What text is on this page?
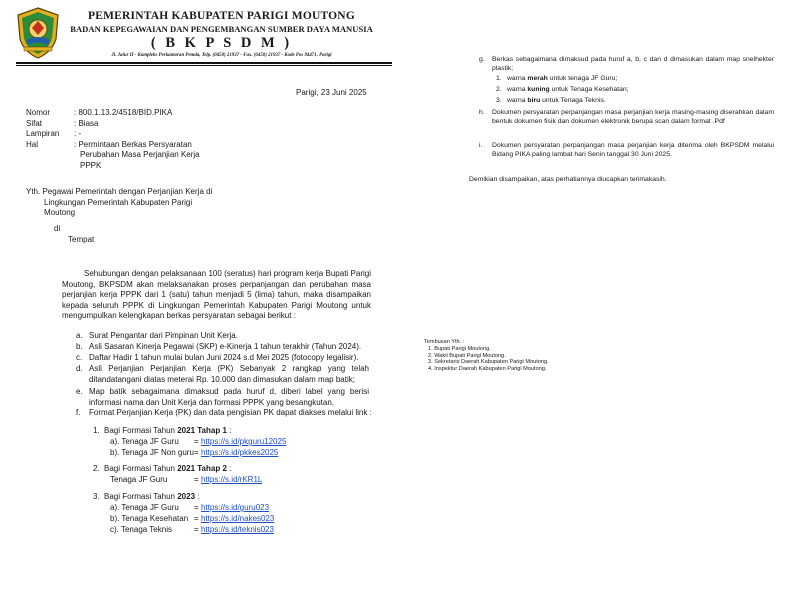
PEMERINTAH KABUPATEN PARIGI MOUTONG
BADAN KEPEGAWAIAN DAN PENGEMBANGAN SUMBER DAYA MANUSIA
( B K P S D M )
Jl. Jalur II - Kompleks Perkantoran Pemda, Telp. (0450) 21937 - Fax. (0450) 21937 - Kode Pos 94471, Parigi
Parigi, 23 Juni 2025
Nomor	: 800.1.13.2/4518/BID.PIKA
Sifat	: Biasa
Lampiran : -
Hal	: Permintaan Berkas Persyaratan
Perubahan Masa Perjanjian Kerja
PPPK
Yth. Pegawai Pemerintah dengan Perjanjian Kerja di
Lingkungan Pemerintah Kabupaten Parigi
Moutong
di
Tempat
Sehubungan dengan pelaksanaan 100 (seratus) hari program kerja Bupati Parigi Moutong, BKPSDM akan melaksanakan proses perpanjangan dan perubahan masa perjanjian kerja PPPK dari 1 (satu) tahun menjadi 5 (lima) tahun, maka disampaikan kepada seluruh PPPK di Lingkungan Pemerintah Kabupaten Parigi Moutong untuk mengumpulkan kelengkapan berkas persyaratan sebagai berikut :
a. Surat Pengantar dari Pimpinan Unit Kerja.
b. Asli Sasaran Kinerja Pegawai (SKP) e-Kinerja 1 tahun terakhir (Tahun 2024).
c. Daftar Hadir 1 tahun mulai bulan Juni 2024 s.d Mei 2025 (fotocopy legalisir).
d. Asli Perjanjian Perjanjian Kerja (PK) Sebanyak 2 rangkap yang telah ditandatangani diatas meterai Rp. 10.000 dan dimasukan dalam map batik;
e. Map batik sebagaimana dimaksud pada huruf d, diberi label yang berisi informasi nama dan Unit Kerja dan formasi PPPK yang besangkutan.
f. Format Perjanjian Kerja (PK) dan data pengisian PK dapat diakses melalui link :
1. Bagi Formasi Tahun 2021 Tahap 1 :
a). Tenaga JF Guru = https://s.id/pkguru12025
b). Tenaga JF Non guru = https://s.id/pkkes2025
2. Bagi Formasi Tahun 2021 Tahap 2 :
Tenaga JF Guru	= https://s.id/rKR1L
3. Bagi Formasi Tahun 2023 :
a). Tenaga JF Guru = https://s.id/guru023
b). Tenaga Kesehatan = https://s.id/nakes023
c). Tenaga Teknis	= https://s.id/teknis023
g. Berkas sebagaimana dimaksud pada huruf a, b, c dan d dimasukan dalam map snelhekter plastik;
1. warna merah untuk tenaga JF Guru;
2. warna kuning untuk Tenaga Kesehatan;
3. warna biru untuk Tenaga Teknis.
h. Dokumen persyaratan perpanjangan masa perjanjian kerja masing-masing diserahkan dalam bentuk dokumen fisik dan dokumen elektronik berupa scan dalam format .Pdf
i. Dokumen persyaratan perpanjangan masa perjanjian kerja diterima oleh BKPSDM melalui Bidang PIKA paling lambat hari Senin tanggal 30 Juni 2025.
Demikian disampaikan, atas perhatiannya diucapkan terimakasih.
Tembusan Yth. :
1. Bupati Parigi Moutong.
2. Wakil Bupati Parigi Moutong.
3. Sekretaris Daerah Kabupaten Parigi Moutong.
4. Inspektur Daerah Kabupaten Parigi Moutong.
